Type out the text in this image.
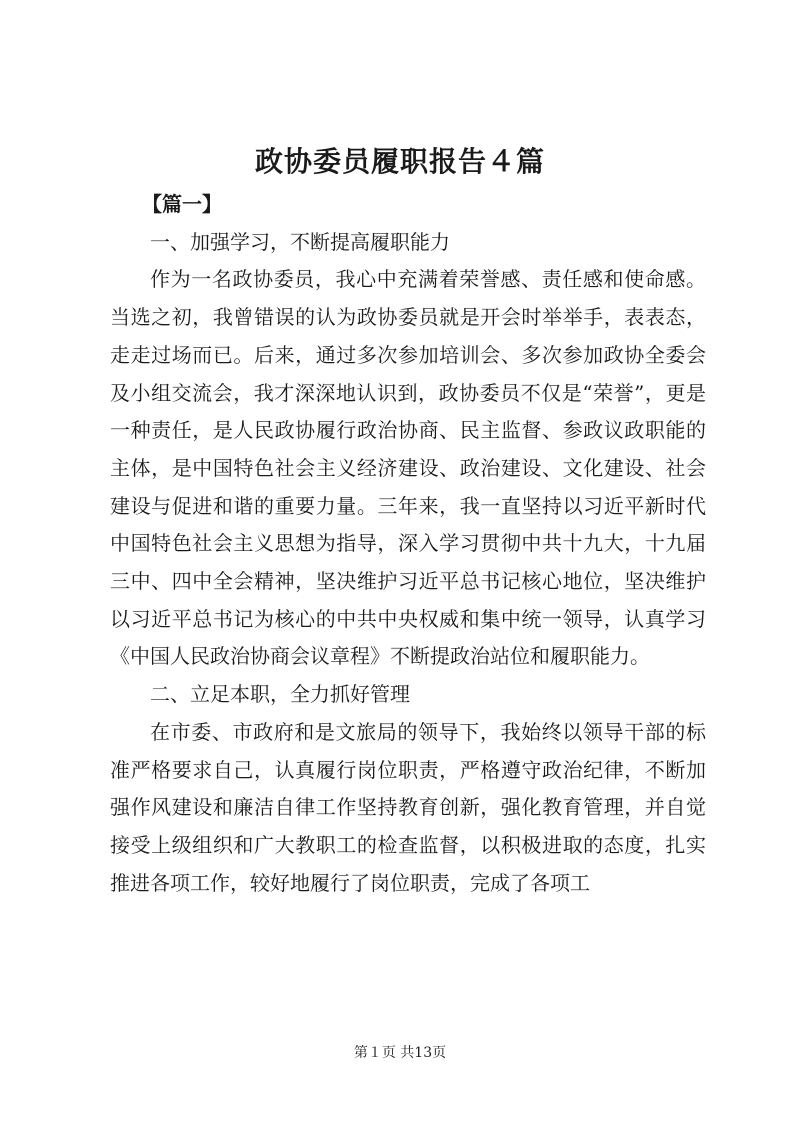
政协委员履职报告４篇

【篇一】

一、加强学习，不断提高履职能力

作为一名政协委员，我心中充满着荣誉感、责任感和使命感。当选之初，我曾错误的认为政协委员就是开会时举举手，表表态，走走过场而已。后来，通过多次参加培训会、多次参加政协全委会及小组交流会，我才深深地认识到，政协委员不仅是“荣誉”，更是一种责任，是人民政协履行政治协商、民主监督、参政议政职能的主体，是中国特色社会主义经济建设、政治建设、文化建设、社会建设与促进和谐的重要力量。三年来，我一直坚持以习近平新时代中国特色社会主义思想为指导，深入学习贯彻中共十九大，十九届三中、四中全会精神，坚决维护习近平总书记核心地位，坚决维护以习近平总书记为核心的中共中央权威和集中统一领导，认真学习《中国人民政治协商会议章程》不断提政治站位和履职能力。

二、立足本职，全力抓好管理

在市委、市政府和是文旅局的领导下，我始终以领导干部的标准严格要求自己，认真履行岗位职责，严格遵守政治纪律，不断加强作风建设和廉洁自律工作坚持教育创新，强化教育管理，并自觉接受上级组织和广大教职工的检查监督，以积极进取的态度，扎实推进各项工作，较好地履行了岗位职责，完成了各项工

第１页 共13页
